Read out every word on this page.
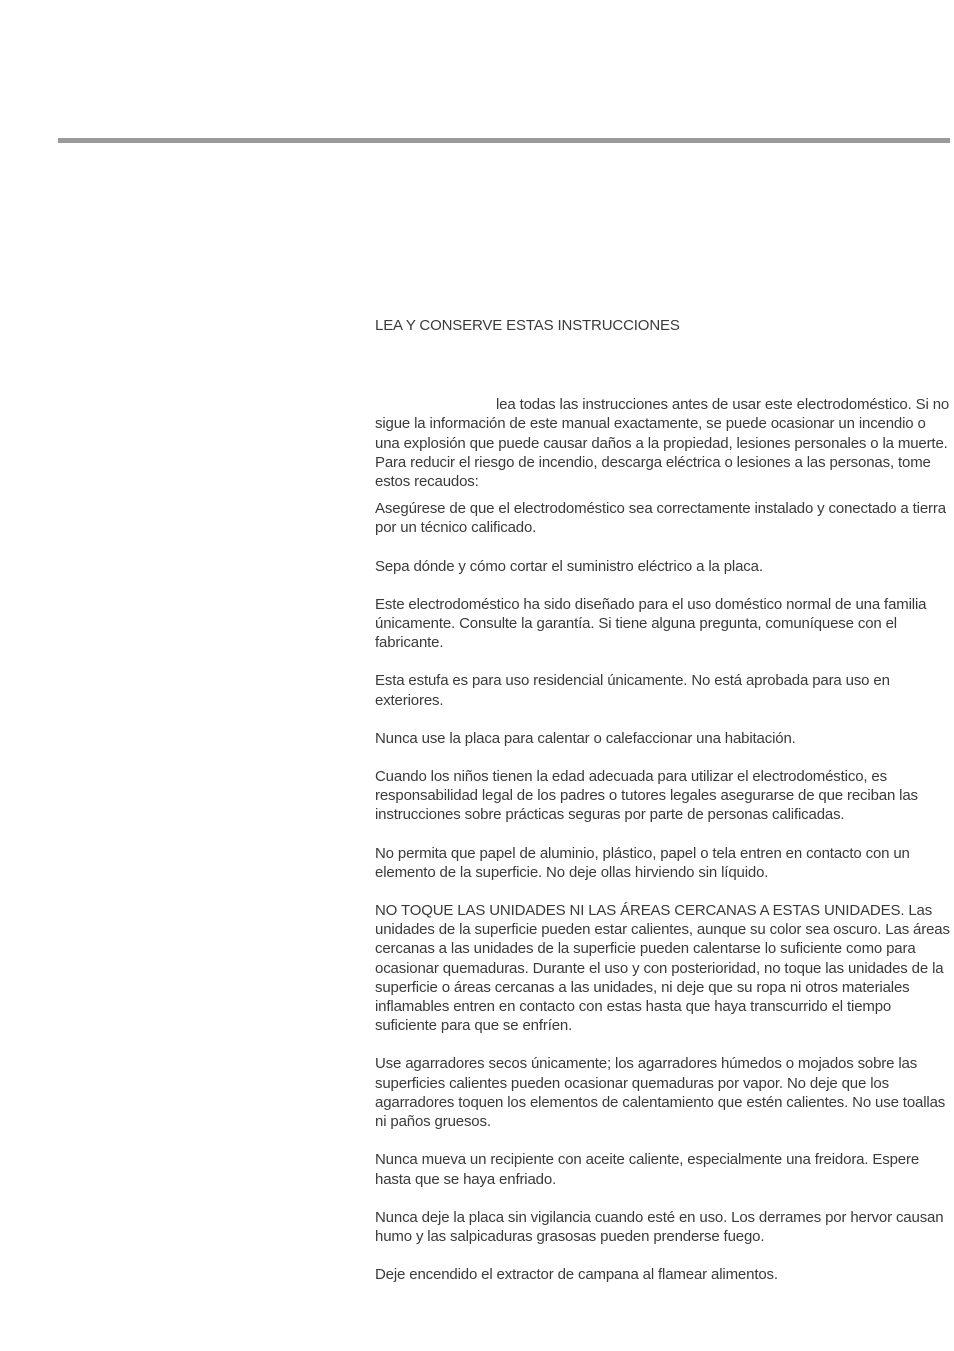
LEA Y CONSERVE ESTAS INSTRUCCIONES

lea todas las instrucciones antes de usar este electrodoméstico. Si no sigue la información de este manual exactamente, se puede ocasionar un incendio o una explosión que puede causar daños a la propiedad, lesiones personales o la muerte. Para reducir el riesgo de incendio, descarga eléctrica o lesiones a las personas, tome estos recaudos:

Asegúrese de que el electrodoméstico sea correctamente instalado y conectado a tierra por un técnico calificado.
Sepa dónde y cómo cortar el suministro eléctrico a la placa.
Este electrodoméstico ha sido diseñado para el uso doméstico normal de una familia únicamente. Consulte la garantía. Si tiene alguna pregunta, comuníquese con el fabricante.
Esta estufa es para uso residencial únicamente. No está aprobada para uso en exteriores.
Nunca use la placa para calentar o calefaccionar una habitación.
Cuando los niños tienen la edad adecuada para utilizar el electrodoméstico, es responsabilidad legal de los padres o tutores legales asegurarse de que reciban las instrucciones sobre prácticas seguras por parte de personas calificadas.
No permita que papel de aluminio, plástico, papel o tela entren en contacto con un elemento de la superficie. No deje ollas hirviendo sin líquido.
NO TOQUE LAS UNIDADES NI LAS ÁREAS CERCANAS A ESTAS UNIDADES. Las unidades de la superficie pueden estar calientes, aunque su color sea oscuro. Las áreas cercanas a las unidades de la superficie pueden calentarse lo suficiente como para ocasionar quemaduras. Durante el uso y con posterioridad, no toque las unidades de la superficie o áreas cercanas a las unidades, ni deje que su ropa ni otros materiales inflamables entren en contacto con estas hasta que haya transcurrido el tiempo suficiente para que se enfríen.
Use agarradores secos únicamente; los agarradores húmedos o mojados sobre las superficies calientes pueden ocasionar quemaduras por vapor. No deje que los agarradores toquen los elementos de calentamiento que estén calientes. No use toallas ni paños gruesos.
Nunca mueva un recipiente con aceite caliente, especialmente una freidora. Espere hasta que se haya enfriado.
Nunca deje la placa sin vigilancia cuando esté en uso. Los derrames por hervor causan humo y las salpicaduras grasosas pueden prenderse fuego.
Deje encendido el extractor de campana al flamear alimentos.
